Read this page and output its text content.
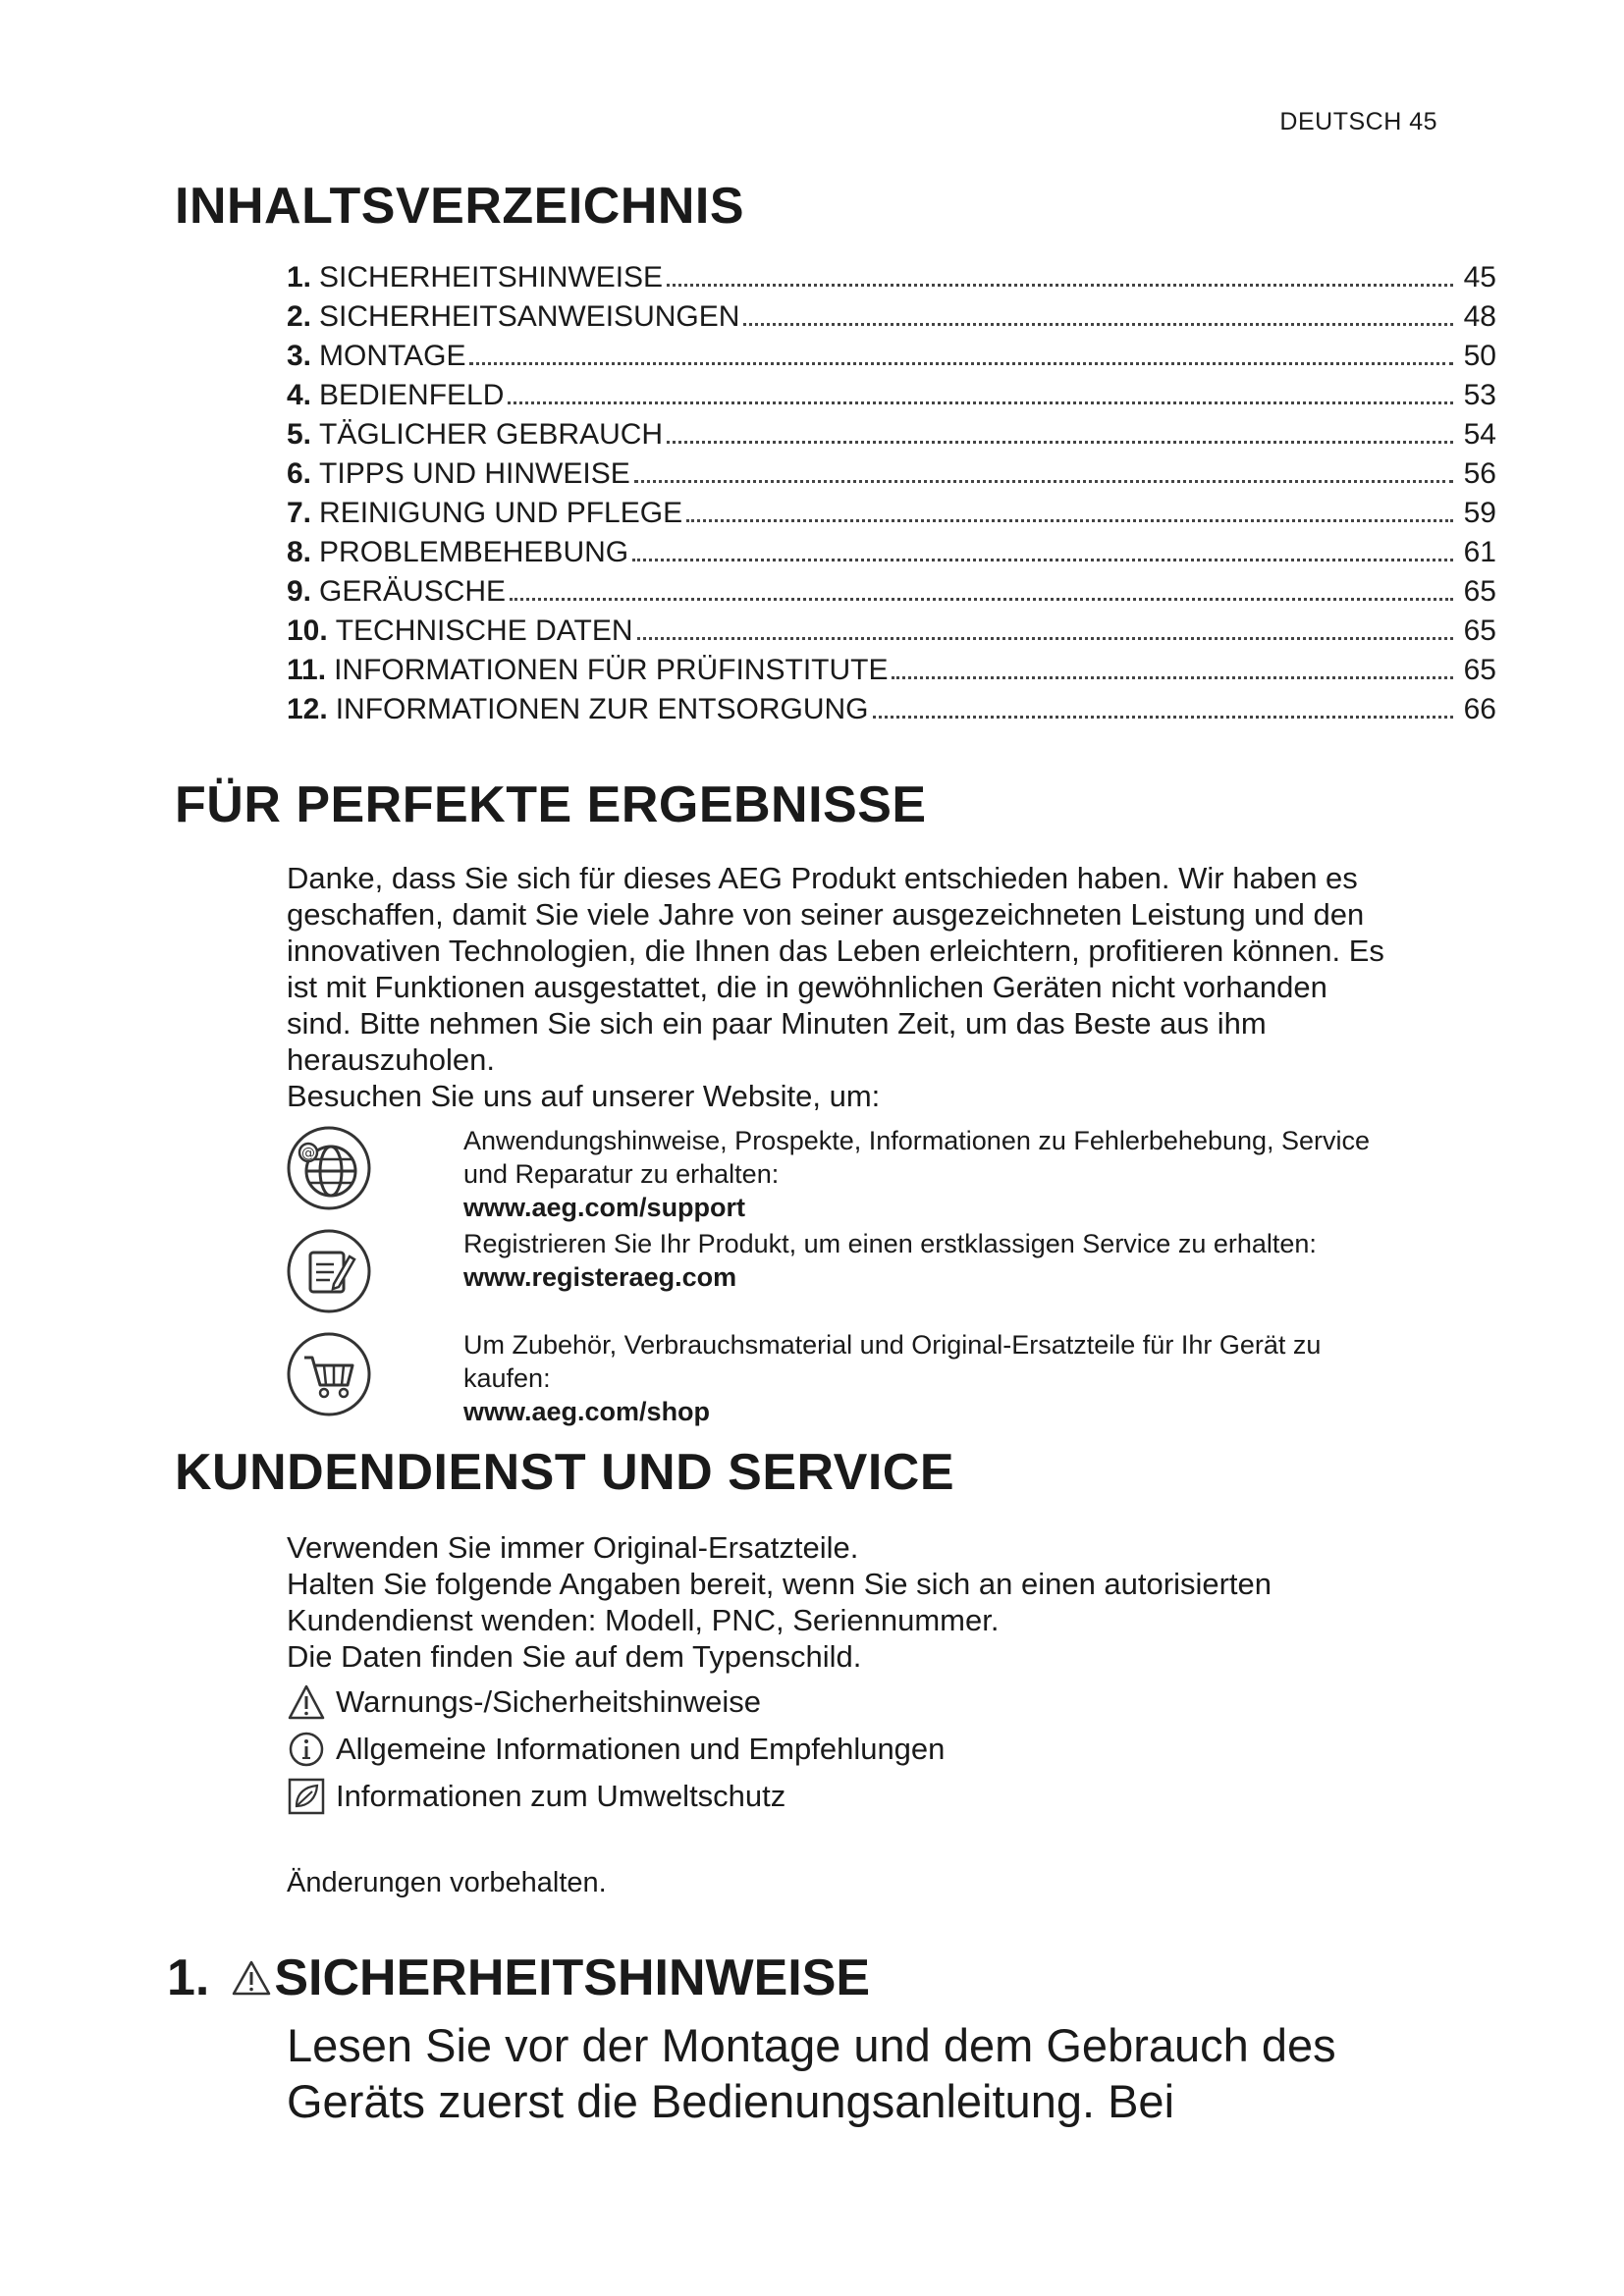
DEUTSCH 45
INHALTSVERZEICHNIS
1. SICHERHEITSHINWEISE	45
2. SICHERHEITSANWEISUNGEN	48
3. MONTAGE	50
4. BEDIENFELD	53
5. TÄGLICHER GEBRAUCH	54
6. TIPPS UND HINWEISE	56
7. REINIGUNG UND PFLEGE	59
8. PROBLEMBEHEBUNG	61
9. GERÄUSCHE	65
10. TECHNISCHE DATEN	65
11. INFORMATIONEN FÜR PRÜFINSTITUTE	65
12. INFORMATIONEN ZUR ENTSORGUNG	66
FÜR PERFEKTE ERGEBNISSE
Danke, dass Sie sich für dieses AEG Produkt entschieden haben. Wir haben es
geschaffen, damit Sie viele Jahre von seiner ausgezeichneten Leistung und den
innovativen Technologien, die Ihnen das Leben erleichtern, profitieren können. Es
ist mit Funktionen ausgestattet, die in gewöhnlichen Geräten nicht vorhanden
sind. Bitte nehmen Sie sich ein paar Minuten Zeit, um das Beste aus ihm
herauszuholen.
Besuchen Sie uns auf unserer Website, um:
@	Anwendungshinweise, Prospekte, Informationen zu Fehlerbehebung, Service
und Reparatur zu erhalten:
www.aeg.com/support
Registrieren Sie Ihr Produkt, um einen erstklassigen Service zu erhalten:
www.registeraeg.com
Um Zubehör, Verbrauchsmaterial und Original-Ersatzteile für Ihr Gerät zu
kaufen:
www.aeg.com/shop
KUNDENDIENST UND SERVICE
Verwenden Sie immer Original-Ersatzteile.
Halten Sie folgende Angaben bereit, wenn Sie sich an einen autorisierten
Kundendienst wenden: Modell, PNC, Seriennummer.
Die Daten finden Sie auf dem Typenschild.
Warnungs-/Sicherheitshinweise
Allgemeine Informationen und Empfehlungen
Informationen zum Umweltschutz
Änderungen vorbehalten.
1. SICHERHEITSHINWEISE
Lesen Sie vor der Montage und dem Gebrauch des
Geräts zuerst die Bedienungsanleitung. Bei
